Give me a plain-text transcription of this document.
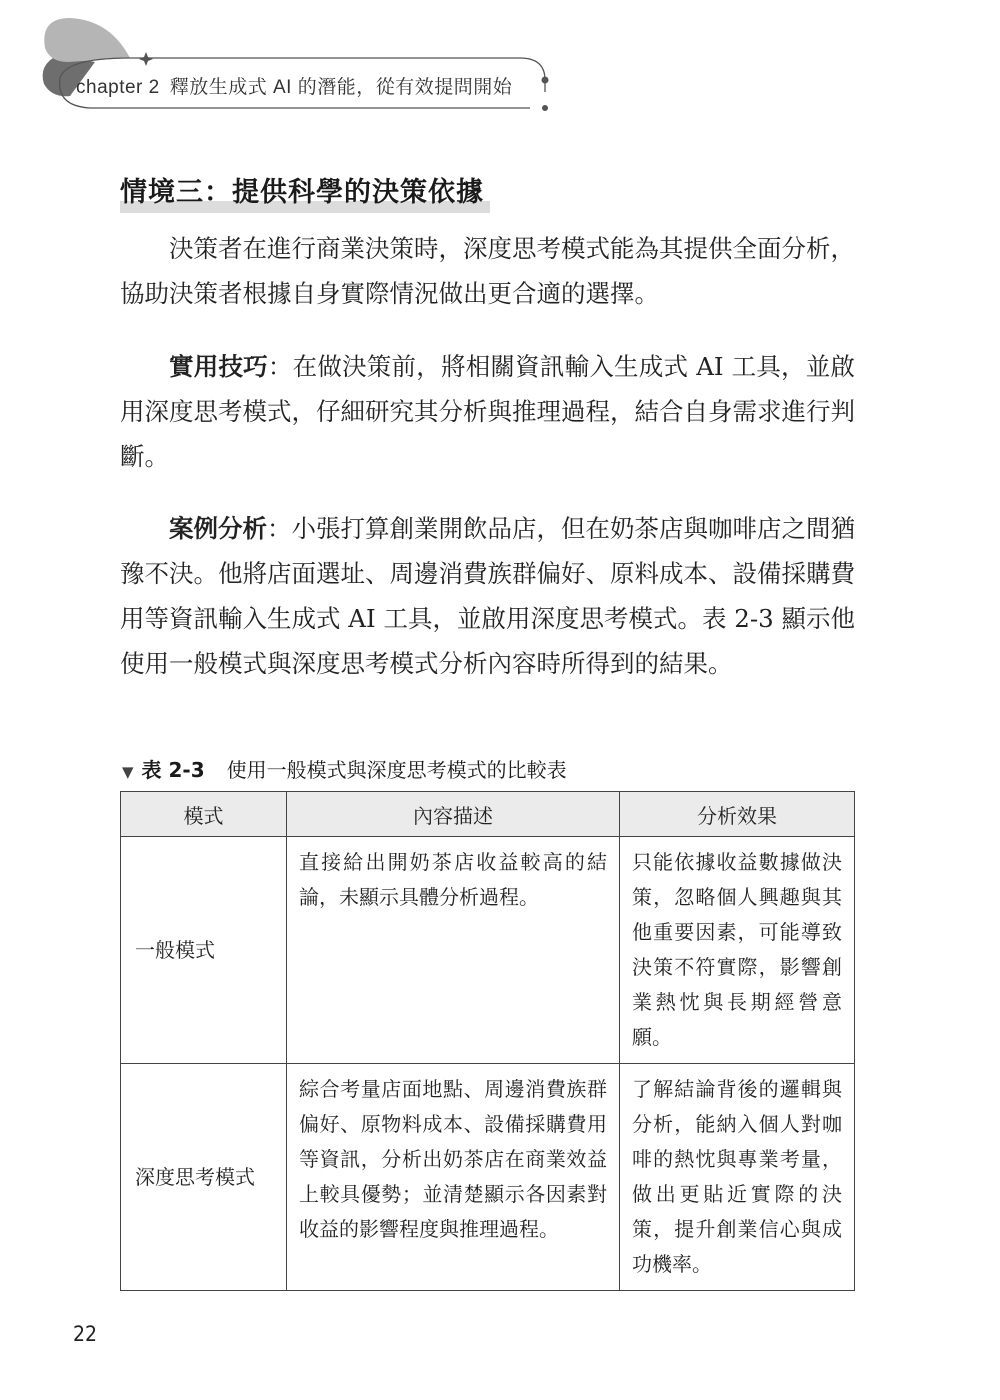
chapter 2 釋放生成式 AI 的潛能，從有效提問開始
情境三：提供科學的決策依據

決策者在進行商業決策時，深度思考模式能為其提供全面分析，協助決策者根據自身實際情況做出更合適的選擇。

實用技巧：在做決策前，將相關資訊輸入生成式 AI 工具，並啟用深度思考模式，仔細研究其分析與推理過程，結合自身需求進行判斷。

案例分析：小張打算創業開飲品店，但在奶茶店與咖啡店之間猶豫不決。他將店面選址、周邊消費族群偏好、原料成本、設備採購費用等資訊輸入生成式 AI 工具，並啟用深度思考模式。表 2-3 顯示他使用一般模式與深度思考模式分析內容時所得到的結果。

▼ 表 2-3 使用一般模式與深度思考模式的比較表
模式	內容描述	分析效果
一般模式	直接給出開奶茶店收益較高的結論，未顯示具體分析過程。	只能依據收益數據做決策，忽略個人興趣與其他重要因素，可能導致決策不符實際，影響創業熱忱與長期經營意願。
深度思考模式	綜合考量店面地點、周邊消費族群偏好、原物料成本、設備採購費用等資訊，分析出奶茶店在商業效益上較具優勢；並清楚顯示各因素對收益的影響程度與推理過程。	了解結論背後的邏輯與分析，能納入個人對咖啡的熱忱與專業考量，做出更貼近實際的決策，提升創業信心與成功機率。
22
